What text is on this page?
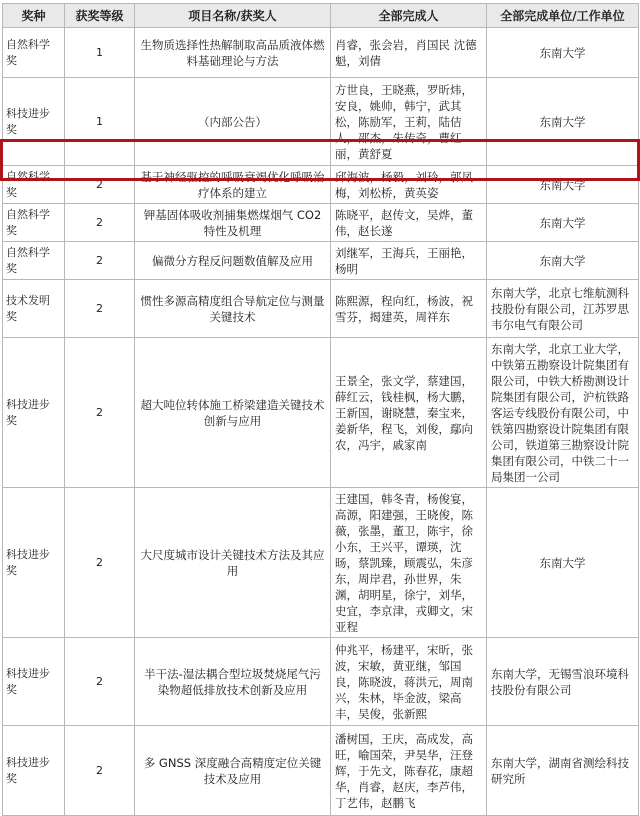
奖种	获奖等级	项目名称/获奖人	全部完成人	全部完成单位/工作单位
自然科学奖	1	生物质选择性热解制取高品质液体燃料基础理论与方法	肖睿，张会岩，肖国民 沈德魁，刘倩	东南大学
科技进步奖	1	（内部公告）	方世良，王晓燕，罗昕炜，安良，姚帅，韩宁，武其松，陈励军，王莉，陆佶人，邵杰，朱传奇，曹红丽，黄舒夏	东南大学
自然科学奖	2	基于神经驱控的呼吸衰竭优化呼吸治疗体系的建立	邱海波，杨毅，刘玲，郭凤梅，刘松桥，黄英姿	东南大学
自然科学奖	2	钾基固体吸收剂捕集燃煤烟气 CO2 特性及机理	陈晓平，赵传文，吴烨，董伟，赵长遂	东南大学
自然科学奖	2	偏微分方程反问题数值解及应用	刘继军，王海兵，王丽艳，杨明	东南大学
技术发明奖	2	惯性多源高精度组合导航定位与测量关键技术	陈熙源，程向红，杨波，祝雪芬，揭建英，周祥东	东南大学，北京七维航测科技股份有限公司，江苏罗思韦尔电气有限公司
科技进步奖	2	超大吨位转体施工桥梁建造关键技术创新与应用	王景全，张文学，蔡建国，薛红云，钱桂枫，杨大鹏，王新国，谢晓慧，秦宝来，姜新华，程飞，刘俊，鄢向农，冯宇，戚家南	东南大学，北京工业大学，中铁第五勘察设计院集团有限公司，中铁大桥勘测设计院集团有限公司，沪杭铁路客运专线股份有限公司，中铁第四勘察设计院集团有限公司，铁道第三勘察设计院集团有限公司，中铁二十一局集团一公司
科技进步奖	2	大尺度城市设计关键技术方法及其应用	王建国，韩冬青，杨俊宴，高源，阳建强，王晓俊，陈薇，张墨，董卫，陈宇，徐小东，王兴平，谭瑛，沈旸，蔡凯臻，顾震弘，朱彦东，周岸君，孙世界，朱渊，胡明星，徐宁，刘华，史宜，李京津，戎卿文，宋亚程	东南大学
科技进步奖	2	半干法-湿法耦合型垃圾焚烧尾气污染物超低排放技术创新及应用	仲兆平，杨建平，宋昕，张波，宋敏，黄亚继，邹国良，陈晓波，蒋洪元，周南兴，朱林，毕金波，梁高丰，吴俊，张新熙	东南大学，无锡雪浪环境科技股份有限公司
科技进步奖	2	多 GNSS 深度融合高精度定位关键技术及应用	潘树国，王庆，高成发，高旺，喻国荣，尹昊华，汪登辉，于先文，陈春花，康超华，肖睿，赵庆，李芦伟，丁艺伟，赵鹏飞	东南大学，湖南省测绘科技研究所
